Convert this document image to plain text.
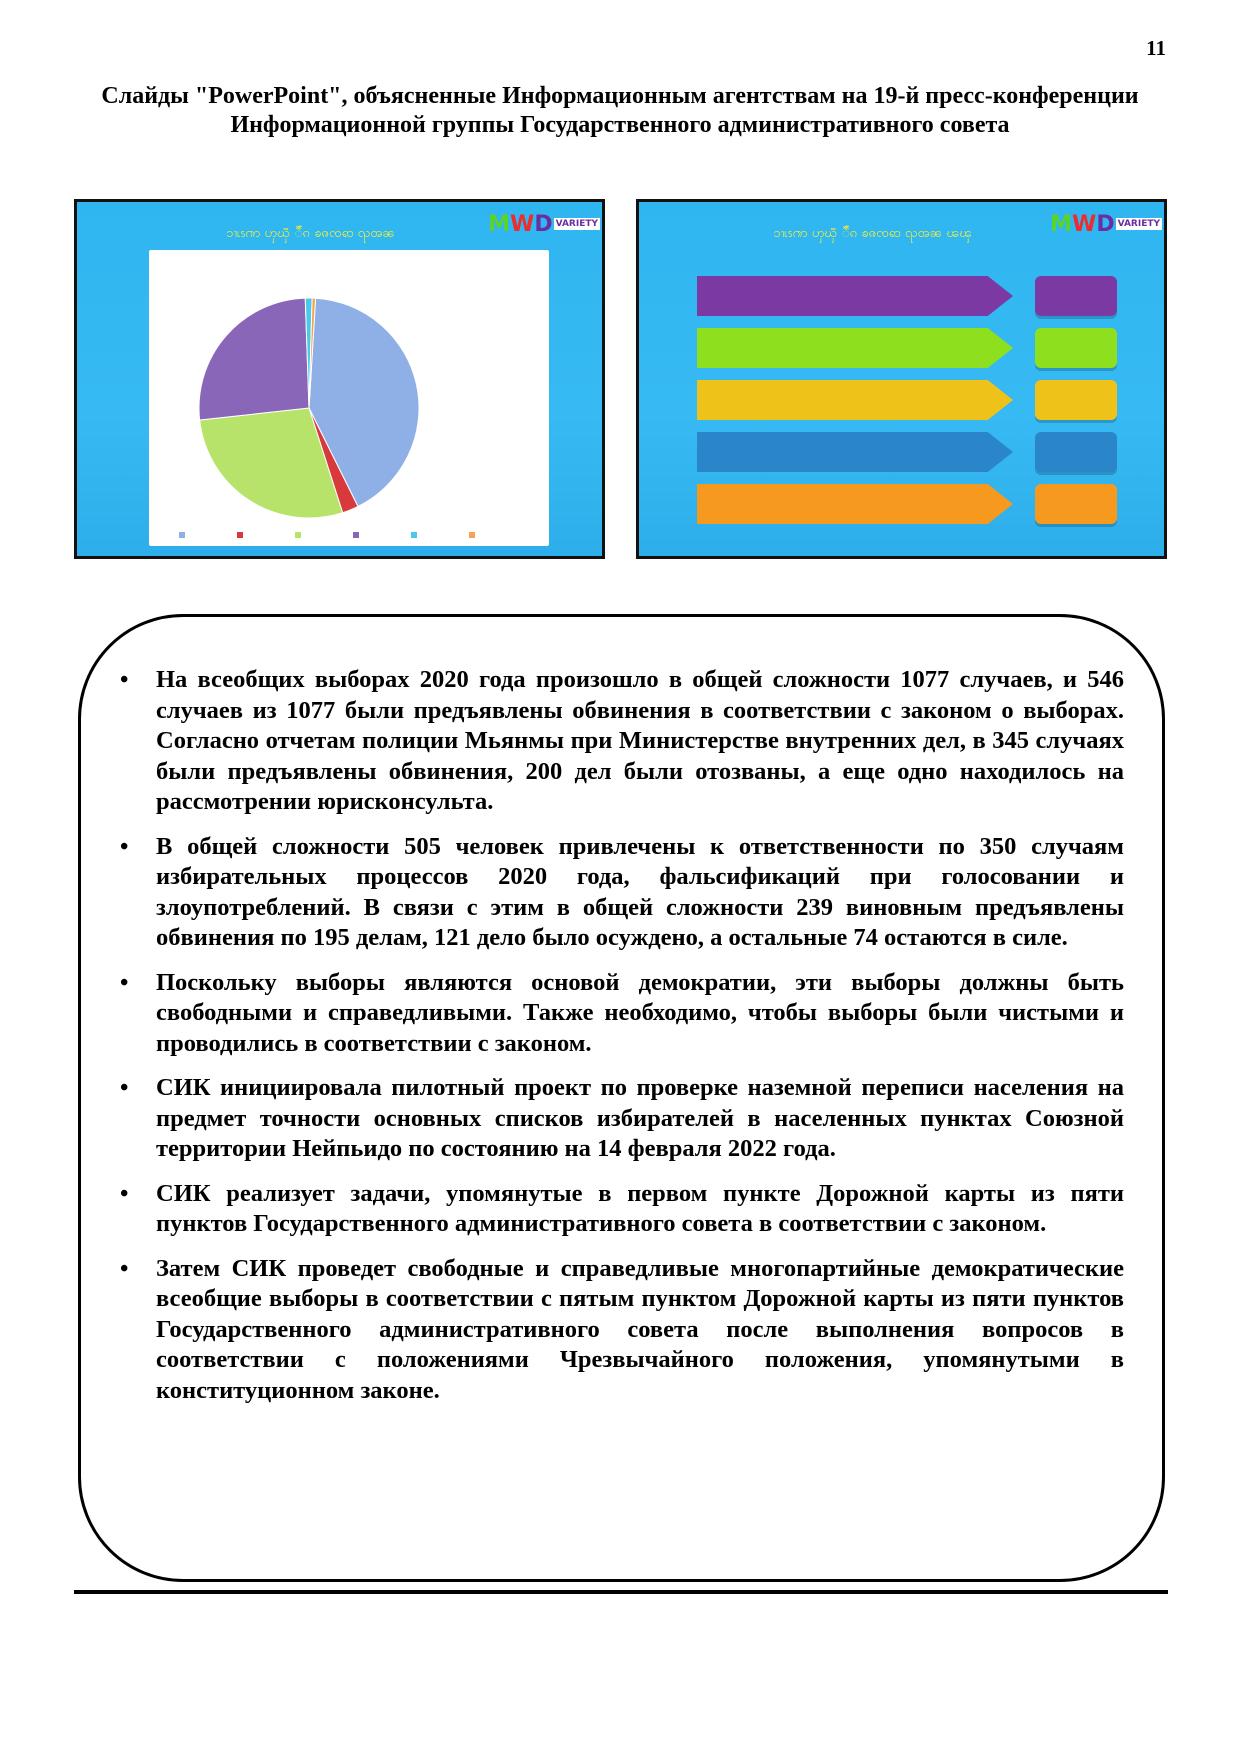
11
Слайды "PowerPoint", объясненные Информационным агентствам на 19-й пресс-конференции Информационной группы Государственного административного совета
ၥၫၬၭၮ ၯၰၱ ၲၳၴၵ ၶၷၸၹ ၺၻၼ	M W D VARIETY
ၥၫၬၭၮ ၯၰၱ ၲၳၴၵ ၶၷၸၹ ၺၻၼ ၽၾ	M W D VARIETY
• На всеобщих выборах 2020 года произошло в общей сложности 1077 случаев, и 546 случаев из 1077 были предъявлены обвинения в соответствии с законом о выборах. Согласно отчетам полиции Мьянмы при Министерстве внутренних дел, в 345 случаях были предъявлены обвинения, 200 дел были отозваны, а еще одно находилось на рассмотрении юрисконсульта.
• В общей сложности 505 человек привлечены к ответственности по 350 случаям избирательных процессов 2020 года, фальсификаций при голосовании и злоупотреблений. В связи с этим в общей сложности 239 виновным предъявлены обвинения по 195 делам, 121 дело было осуждено, а остальные 74 остаются в силе.
• Поскольку выборы являются основой демократии, эти выборы должны быть свободными и справедливыми. Также необходимо, чтобы выборы были чистыми и проводились в соответствии с законом.
• СИК инициировала пилотный проект по проверке наземной переписи населения на предмет точности основных списков избирателей в населенных пунктах Союзной территории Нейпьидо по состоянию на 14 февраля 2022 года.
• СИК реализует задачи, упомянутые в первом пункте Дорожной карты из пяти пунктов Государственного административного совета в соответствии с законом.
• Затем СИК проведет свободные и справедливые многопартийные демократические всеобщие выборы в соответствии с пятым пунктом Дорожной карты из пяти пунктов Государственного административного совета после выполнения вопросов в соответствии с положениями Чрезвычайного положения, упомянутыми в конституционном законе.
